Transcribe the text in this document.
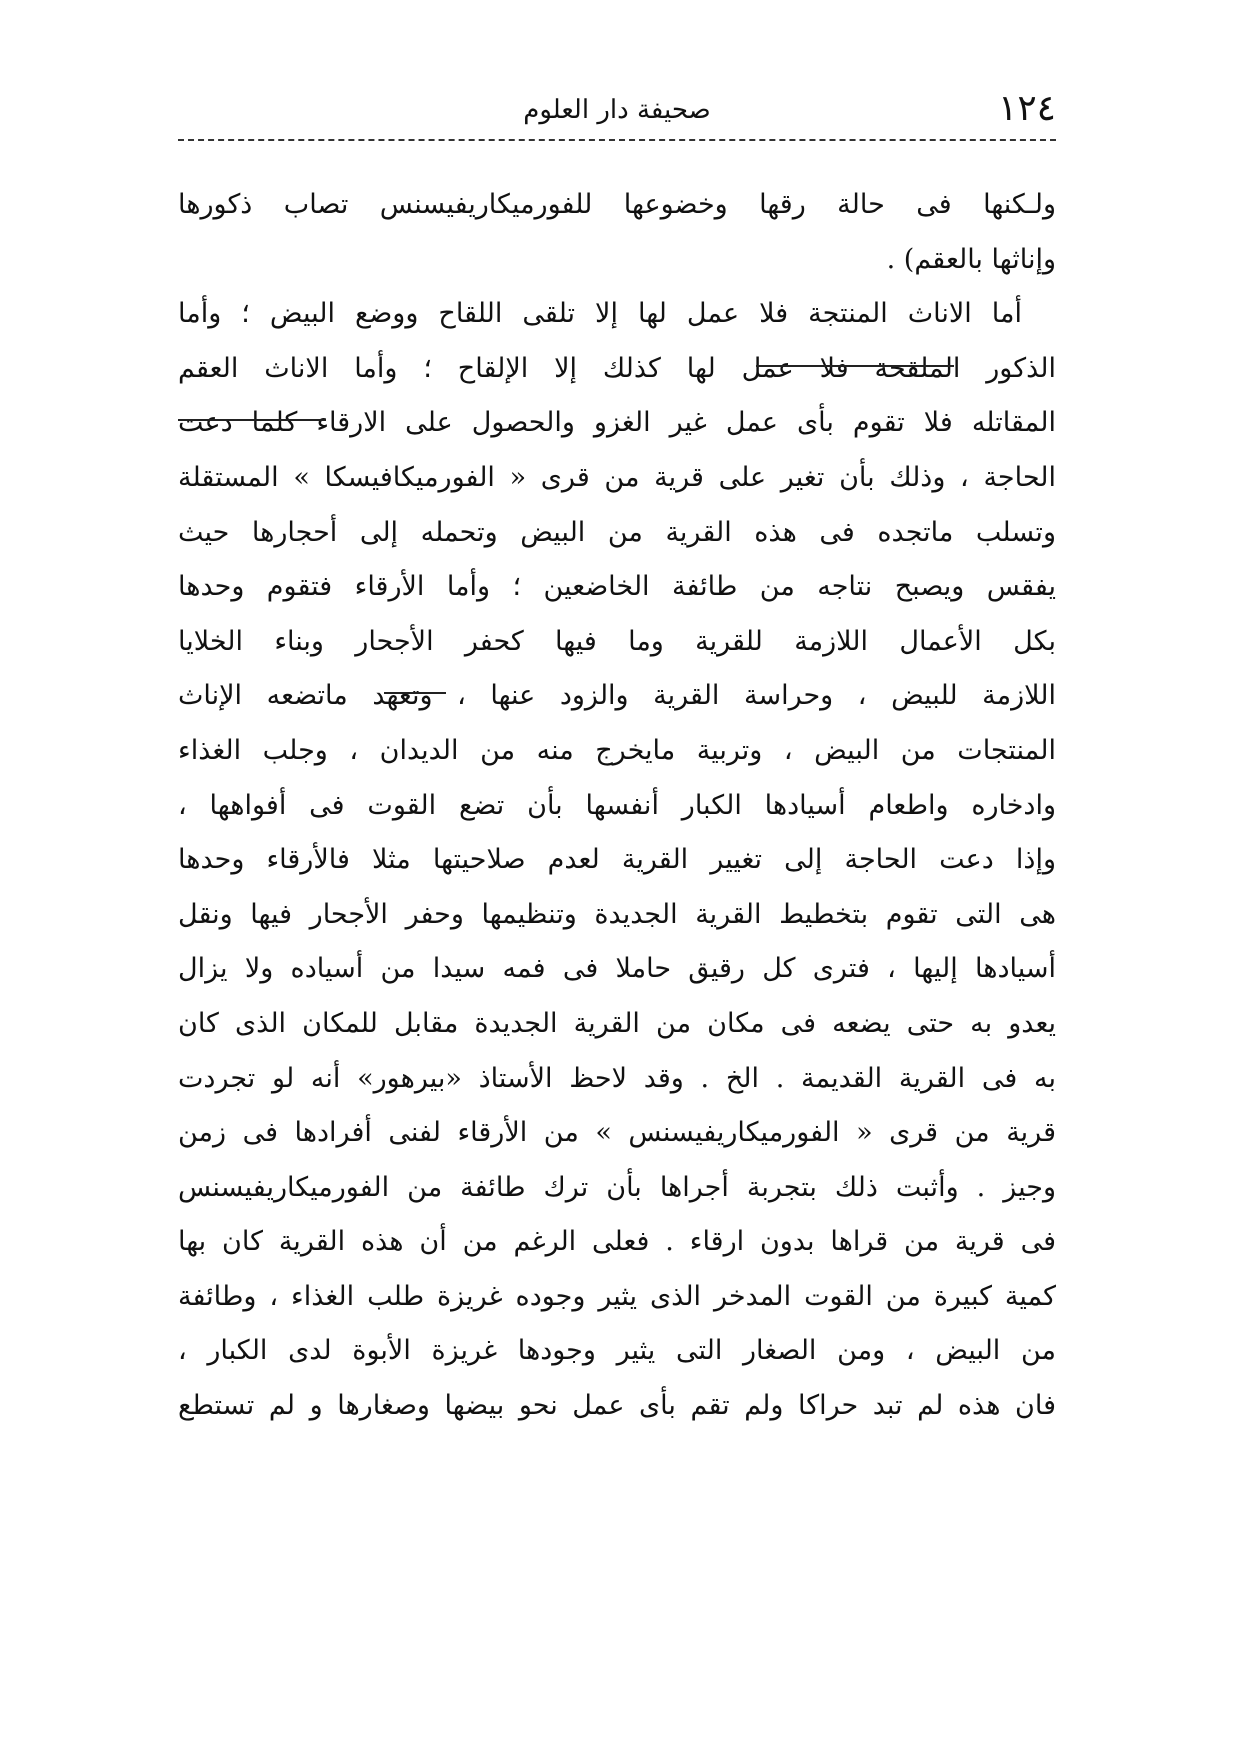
١٢٤
صحيفة دار العلوم
ولـكنها فى حالة رقها وخضوعها للفورميكاريفيسنس تصاب ذكورها
وإناثها بالعقم) .
أما الاناث المنتجة فلا عمل لها إلا تلقى اللقاح ووضع البيض ؛ وأما
الذكور الملقحة فلا عمل لها كذلك إلا الإلقاح ؛ وأما الاناث العقم
المقاتله فلا تقوم بأى عمل غير الغزو والحصول على الارقاء كلما دعت
الحاجة ، وذلك بأن تغير على قرية من قرى « الفورميكافيسكا » المستقلة
وتسلب ماتجده فى هذه القرية من البيض وتحمله إلى أحجارها حيث
يفقس ويصبح نتاجه من طائفة الخاضعين ؛ وأما الأرقاء فتقوم وحدها
بكل الأعمال اللازمة للقرية وما فيها كحفر الأجحار وبناء الخلايا
اللازمة للبيض ، وحراسة القرية والزود عنها ، وتعهد ماتضعه الإناث
المنتجات من البيض ، وتربية مايخرج منه من الديدان ، وجلب الغذاء
وادخاره واطعام أسيادها الكبار أنفسها بأن تضع القوت فى أفواهها ،
وإذا دعت الحاجة إلى تغيير القرية لعدم صلاحيتها مثلا فالأرقاء وحدها
هى التى تقوم بتخطيط القرية الجديدة وتنظيمها وحفر الأجحار فيها ونقل
أسيادها إليها ، فترى كل رقيق حاملا فى فمه سيدا من أسياده ولا يزال
يعدو به حتى يضعه فى مكان من القرية الجديدة مقابل للمكان الذى كان
به فى القرية القديمة . الخ . وقد لاحظ الأستاذ «بيرهور» أنه لو تجردت
قرية من قرى « الفورميكاريفيسنس » من الأرقاء لفنى أفرادها فى زمن
وجيز . وأثبت ذلك بتجربة أجراها بأن ترك طائفة من الفورميكاريفيسنس
فى قرية من قراها بدون ارقاء . فعلى الرغم من أن هذه القرية كان بها
كمية كبيرة من القوت المدخر الذى يثير وجوده غريزة طلب الغذاء ، وطائفة
من البيض ، ومن الصغار التى يثير وجودها غريزة الأبوة لدى الكبار ،
فان هذه لم تبد حراكا ولم تقم بأى عمل نحو بيضها وصغارها و لم تستطع
